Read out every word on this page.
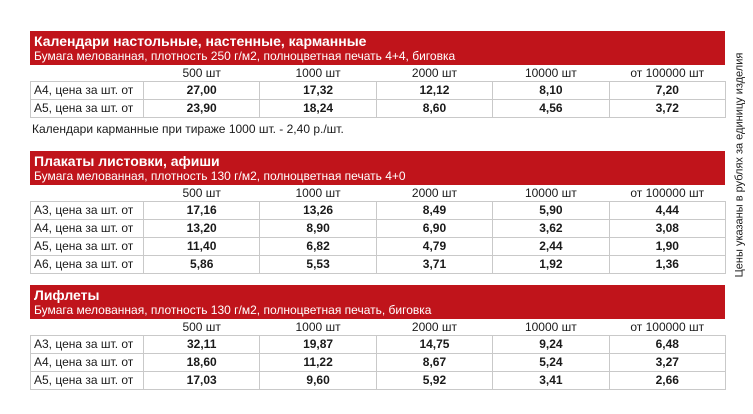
Календари настольные, настенные, карманные
Бумага мелованная, плотность 250 г/м2, полноцветная печать 4+4, биговка
	500 шт	1000 шт	2000 шт	10000 шт	от 100000 шт
А4, цена за шт. от	27,00	17,32	12,12	8,10	7,20
А5, цена за шт. от	23,90	18,24	8,60	4,56	3,72
Календари карманные при тираже 1000 шт. - 2,40 р./шт.
Плакаты листовки, афиши
Бумага мелованная, плотность 130 г/м2, полноцветная печать 4+0
	500 шт	1000 шт	2000 шт	10000 шт	от 100000 шт
А3, цена за шт. от	17,16	13,26	8,49	5,90	4,44
А4, цена за шт. от	13,20	8,90	6,90	3,62	3,08
А5, цена за шт. от	11,40	6,82	4,79	2,44	1,90
А6, цена за шт. от	5,86	5,53	3,71	1,92	1,36
Лифлеты
Бумага мелованная, плотность 130 г/м2, полноцветная печать, биговка
	500 шт	1000 шт	2000 шт	10000 шт	от 100000 шт
А3, цена за шт. от	32,11	19,87	14,75	9,24	6,48
А4, цена за шт. от	18,60	11,22	8,67	5,24	3,27
А5, цена за шт. от	17,03	9,60	5,92	3,41	2,66
Цены указаны в рублях за единицу изделия
